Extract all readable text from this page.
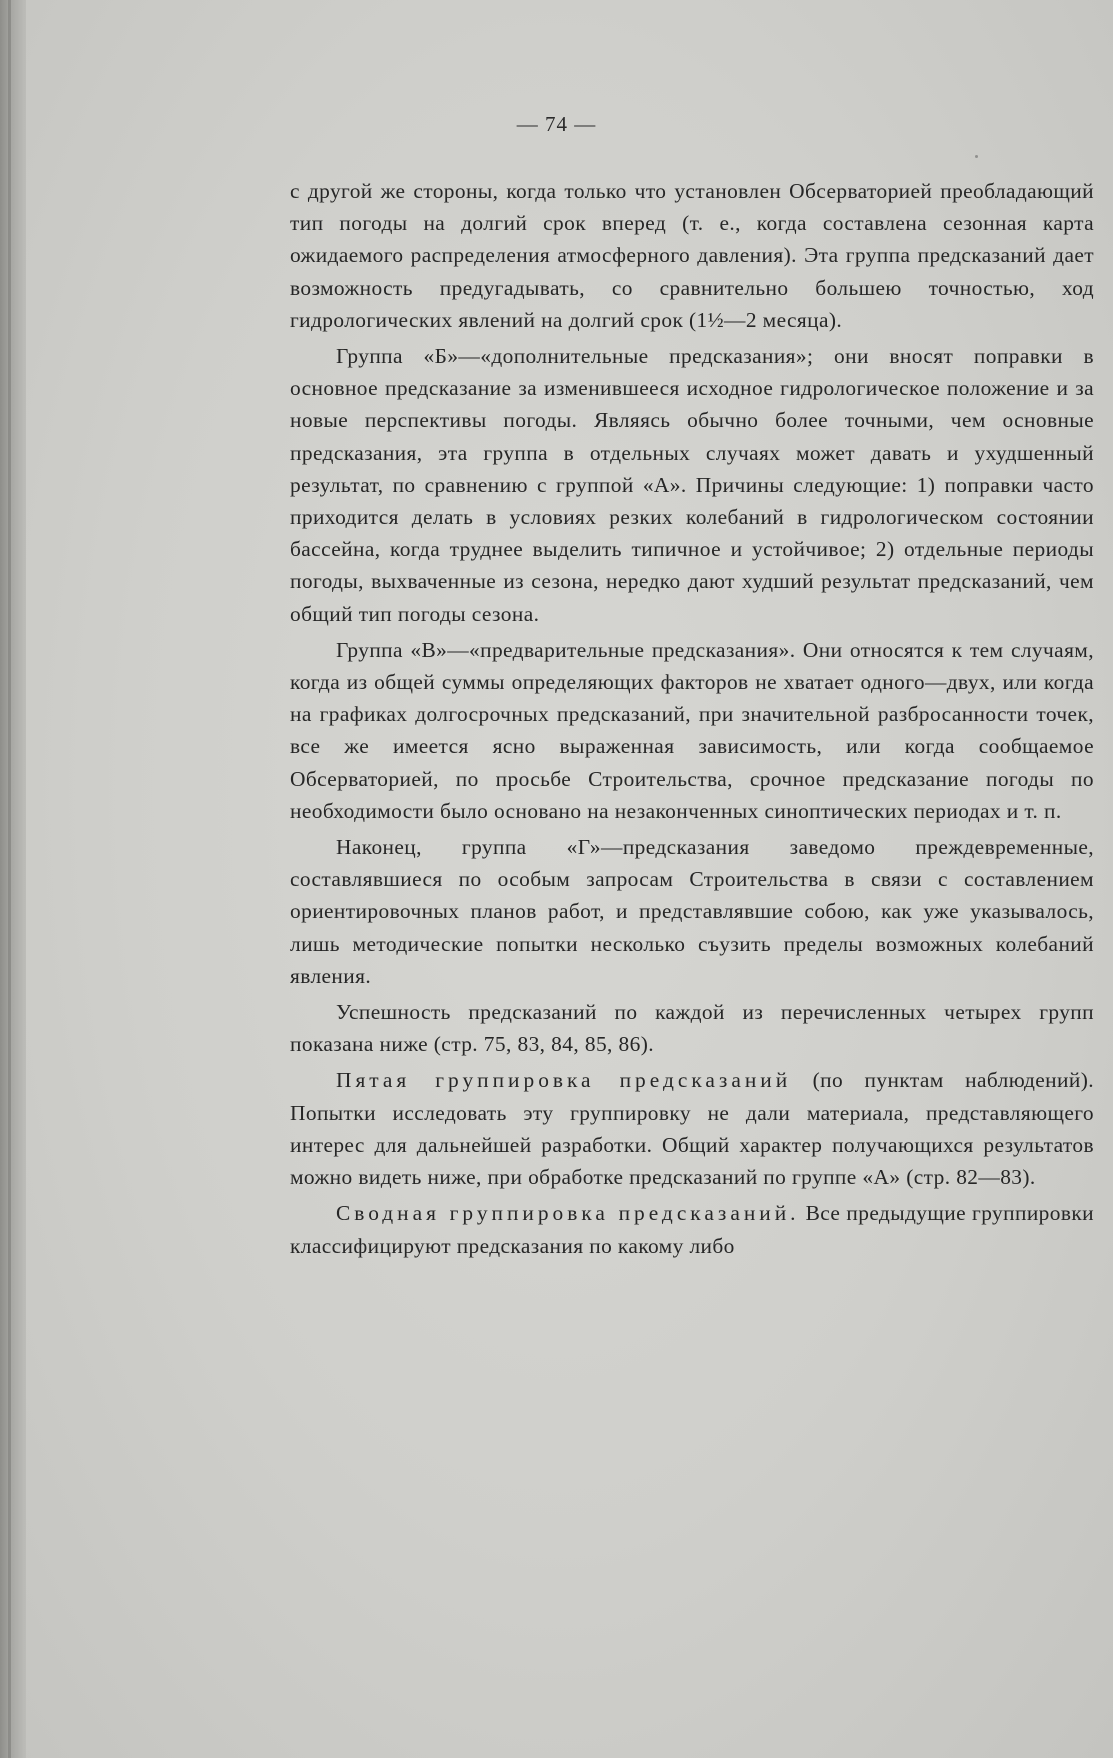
— 74 —

с другой же стороны, когда только что установлен Обсерваторией преобладающий тип погоды на долгий срок вперед (т. е., когда составлена сезонная карта ожидаемого распределения атмосферного давления). Эта группа предсказаний дает возможность предугадывать, со сравнительно большею точностью, ход гидрологических явлений на долгий срок (1½—2 месяца).

Группа «Б»—«дополнительные предсказания»; они вносят поправки в основное предсказание за изменившееся исходное гидрологическое положение и за новые перспективы погоды. Являясь обычно более точными, чем основные предсказания, эта группа в отдельных случаях может давать и ухудшенный результат, по сравнению с группой «А». Причины следующие: 1) поправки часто приходится делать в условиях резких колебаний в гидрологическом состоянии бассейна, когда труднее выделить типичное и устойчивое; 2) отдельные периоды погоды, выхваченные из сезона, нередко дают худший результат предсказаний, чем общий тип погоды сезона.

Группа «В»—«предварительные предсказания». Они относятся к тем случаям, когда из общей суммы определяющих факторов не хватает одного—двух, или когда на графиках долгосрочных предсказаний, при значительной разбросанности точек, все же имеется ясно выраженная зависимость, или когда сообщаемое Обсерваторией, по просьбе Строительства, срочное предсказание погоды по необходимости было основано на незаконченных синоптических периодах и т. п.

Наконец, группа «Г»—предсказания заведомо преждевременные, составлявшиеся по особым запросам Строительства в связи с составлением ориентировочных планов работ, и представлявшие собою, как уже указывалось, лишь методические попытки несколько съузить пределы возможных колебаний явления.

Успешность предсказаний по каждой из перечисленных четырех групп показана ниже (стр. 75, 83, 84, 85, 86).

Пятая группировка предсказаний (по пунктам наблюдений). Попытки исследовать эту группировку не дали материала, представляющего интерес для дальнейшей разработки. Общий характер получающихся результатов можно видеть ниже, при обработке предсказаний по группе «А» (стр. 82—83).

Сводная группировка предсказаний. Все предыдущие группировки классифицируют предсказания по какому либо
